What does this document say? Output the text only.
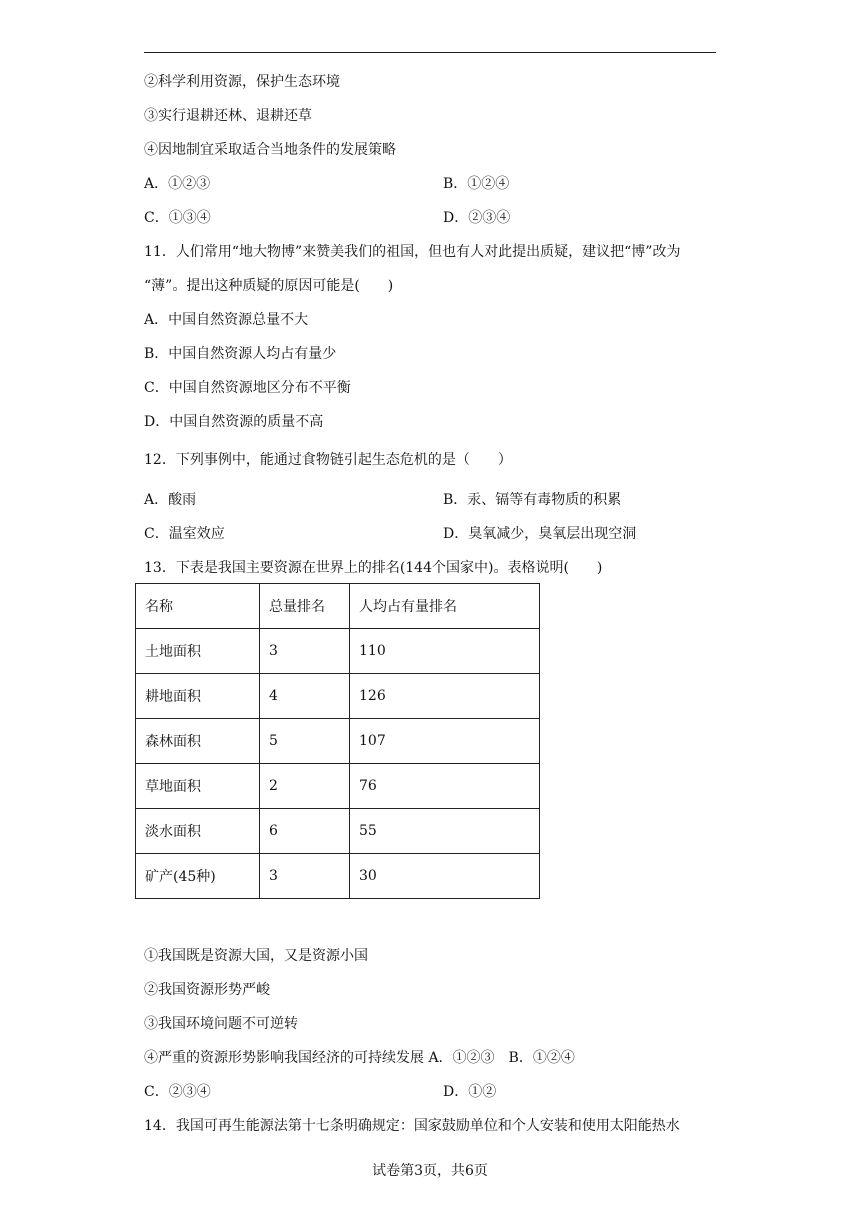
②科学利用资源，保护生态环境
③实行退耕还林、退耕还草
④因地制宜采取适合当地条件的发展策略
A．①②③	B．①②④
C．①③④	D．②③④
11．人们常用“地大物博”来赞美我们的祖国，但也有人对此提出质疑，建议把“博”改为
“薄”。提出这种质疑的原因可能是(　　)
A．中国自然资源总量不大
B．中国自然资源人均占有量少
C．中国自然资源地区分布不平衡
D．中国自然资源的质量不高
12．下列事例中，能通过食物链引起生态危机的是（　　）
A．酸雨	B．汞、镉等有毒物质的积累
C．温室效应	D．臭氧减少，臭氧层出现空洞
13．下表是我国主要资源在世界上的排名(144个国家中)。表格说明(　　)
名称	总量排名	人均占有量排名
土地面积	3	110
耕地面积	4	126
森林面积	5	107
草地面积	2	76
淡水面积	6	55
矿产(45种)	3	30
①我国既是资源大国，又是资源小国
②我国资源形势严峻
③我国环境问题不可逆转
④严重的资源形势影响我国经济的可持续发展 A．①②③　B．①②④
C．②③④	D．①②
14．我国可再生能源法第十七条明确规定：国家鼓励单位和个人安装和使用太阳能热水
试卷第3页，共6页
